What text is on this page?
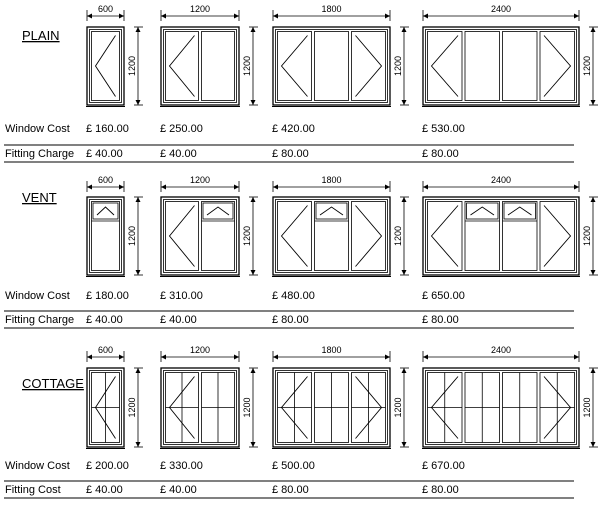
PLAIN
600
1200
1200
1200
1800
1200
2400
1200
Window Cost £ 160.00	£ 250.00	£ 420.00	£ 530.00
Fitting Charge £ 40.00	£ 40.00	£ 80.00	£ 80.00
VENT
600
1200
1200
1200
1800
1200
2400
1200
Window Cost £ 180.00	£ 310.00	£ 480.00	£ 650.00
Fitting Charge £ 40.00	£ 40.00	£ 80.00	£ 80.00
COTTAGE
600
1200
1200
1200
1800
1200
2400
1200
Window Cost £ 200.00	£ 330.00	£ 500.00	£ 670.00
Fitting Cost £ 40.00	£ 40.00	£ 80.00	£ 80.00
